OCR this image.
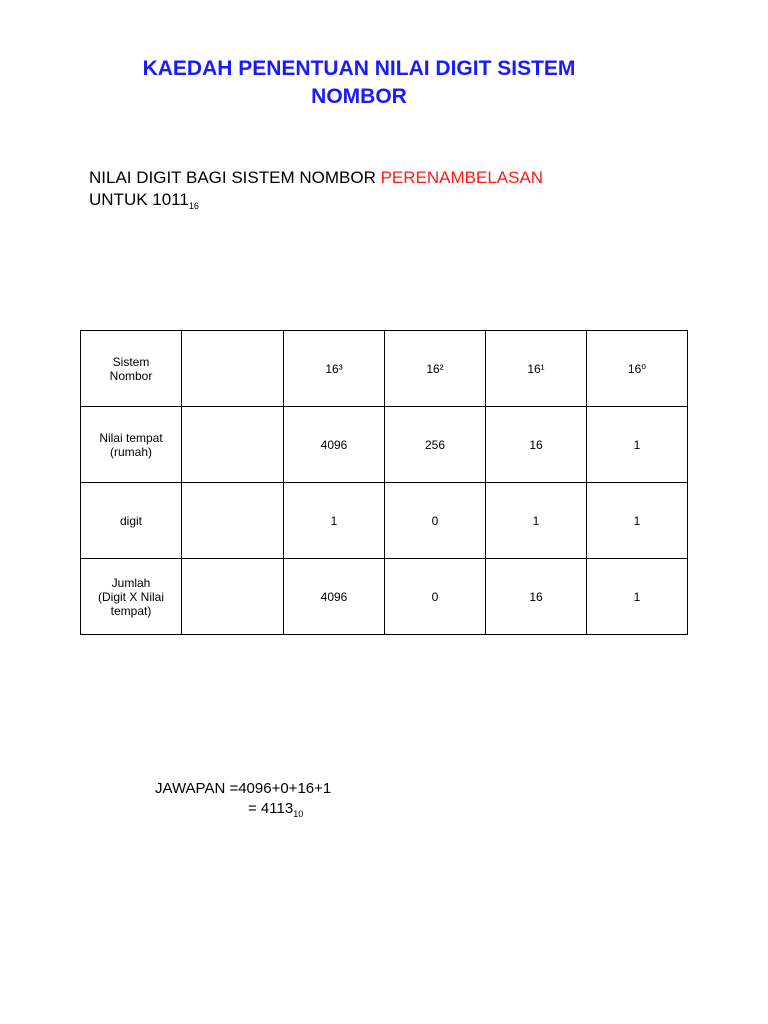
KAEDAH PENENTUAN NILAI DIGIT SISTEM
NOMBOR
NILAI DIGIT BAGI SISTEM NOMBOR PERENAMBELASAN
UNTUK $1011_{16}$
Sistem
Nombor		16³	16²	16¹	16⁰
Nilai tempat
(rumah)		4096	256	16	1
digit		1	0	1	1
Jumlah
(Digit X Nilai
tempat)		4096	0	16	1
JAWAPAN =4096+0+16+1
= $4113_{10}$
